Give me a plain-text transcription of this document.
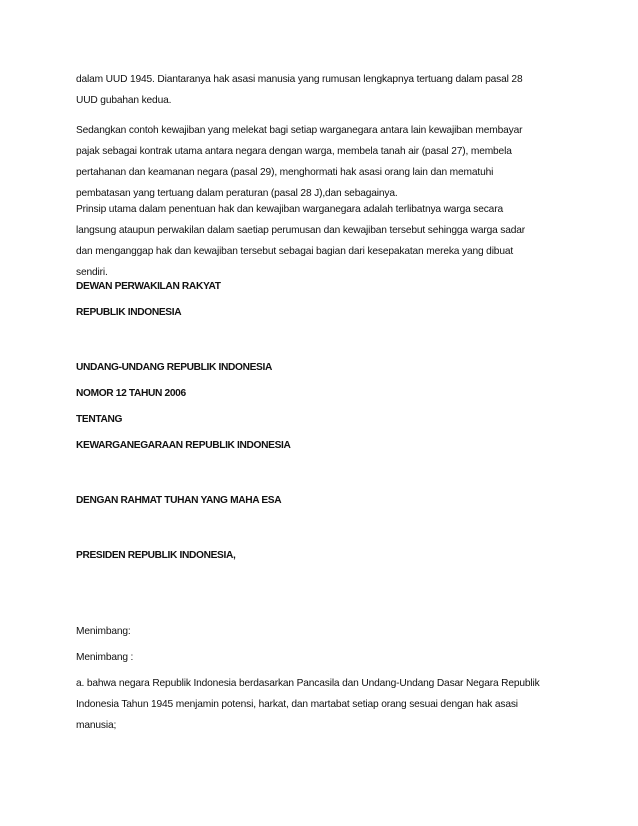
dalam UUD 1945. Diantaranya hak asasi manusia yang rumusan lengkapnya tertuang dalam pasal 28
UUD gubahan kedua.
Sedangkan contoh kewajiban yang melekat bagi setiap warganegara antara lain kewajiban membayar
pajak sebagai kontrak utama antara negara dengan warga, membela tanah air (pasal 27), membela
pertahanan dan keamanan negara (pasal 29), menghormati hak asasi orang lain dan mematuhi
pembatasan yang tertuang dalam peraturan (pasal 28 J),dan sebagainya.
Prinsip utama dalam penentuan hak dan kewajiban warganegara adalah terlibatnya warga secara
langsung ataupun perwakilan dalam saetiap perumusan dan kewajiban tersebut sehingga warga sadar
dan menganggap hak dan kewajiban tersebut sebagai bagian dari kesepakatan mereka yang dibuat
sendiri.
DEWAN PERWAKILAN RAKYAT
REPUBLIK INDONESIA
UNDANG-UNDANG REPUBLIK INDONESIA
NOMOR 12 TAHUN 2006
TENTANG
KEWARGANEGARAAN REPUBLIK INDONESIA
DENGAN RAHMAT TUHAN YANG MAHA ESA
PRESIDEN REPUBLIK INDONESIA,
Menimbang:
Menimbang :
a. bahwa negara Republik Indonesia berdasarkan Pancasila dan Undang-Undang Dasar Negara Republik
Indonesia Tahun 1945 menjamin potensi, harkat, dan martabat setiap orang sesuai dengan hak asasi
manusia;
